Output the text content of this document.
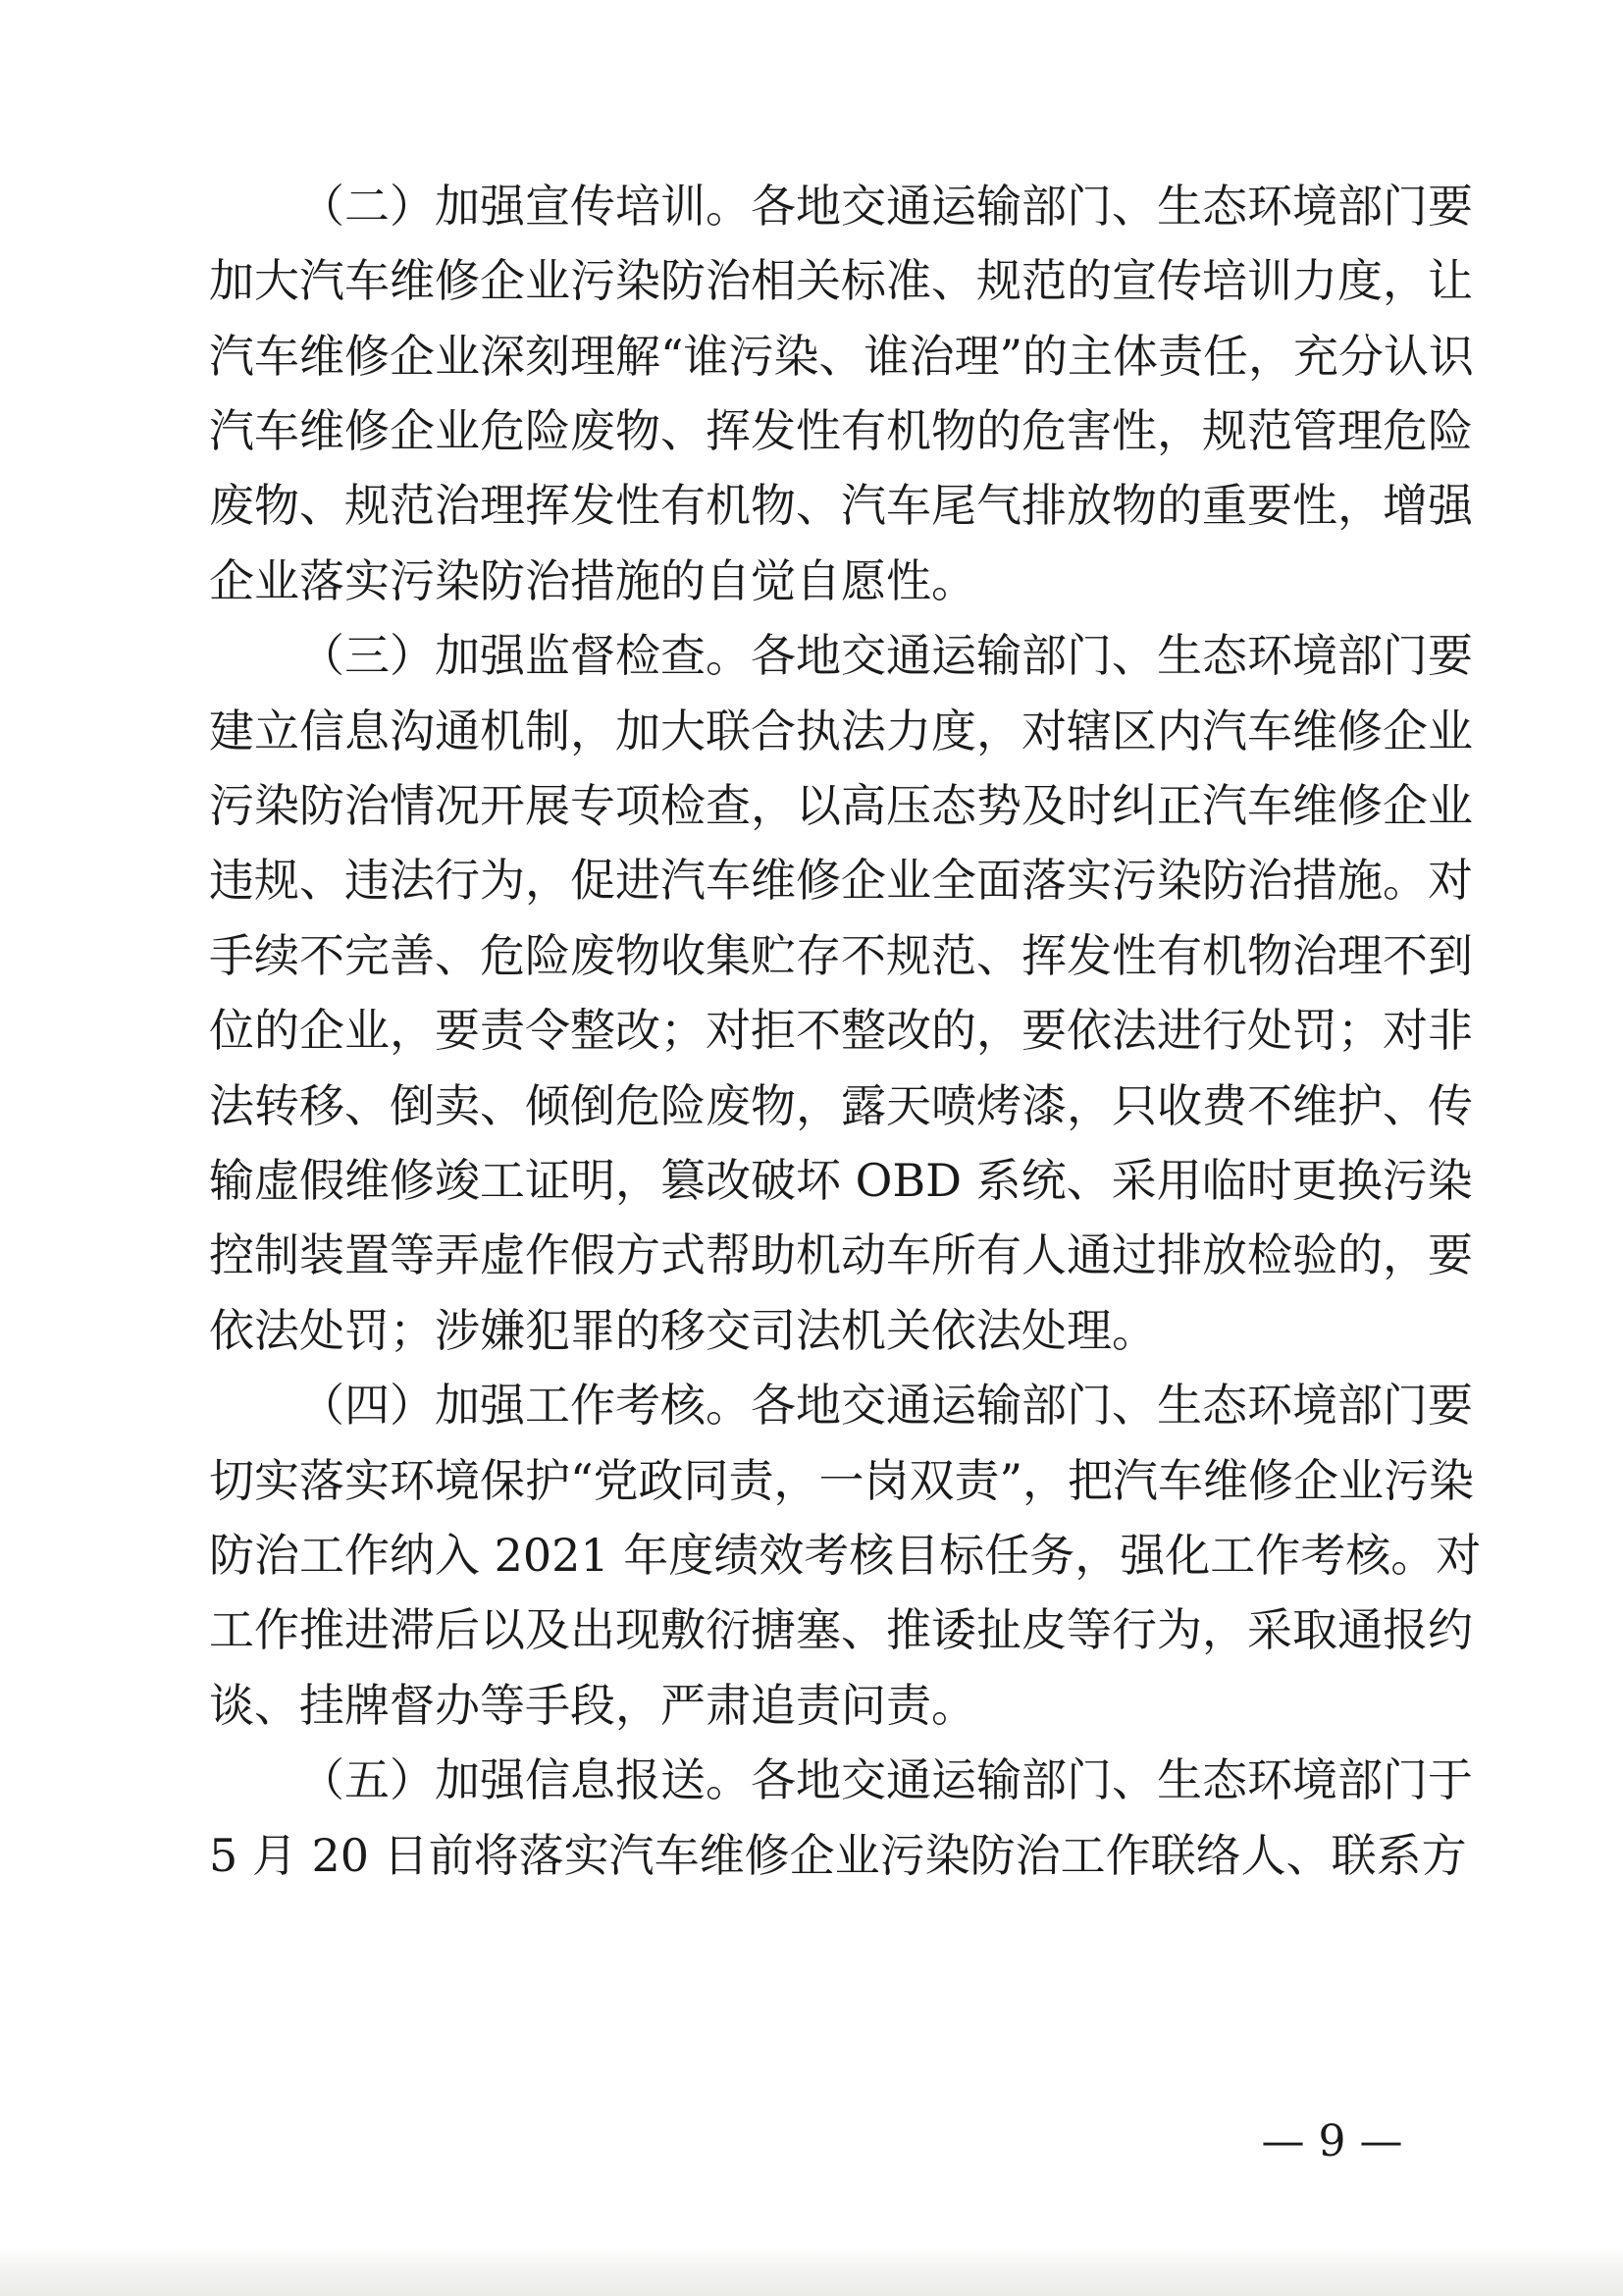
（二）加强宣传培训。各地交通运输部门、生态环境部门要
加大汽车维修企业污染防治相关标准、规范的宣传培训力度，让
汽车维修企业深刻理解“谁污染、谁治理”的主体责任，充分认识
汽车维修企业危险废物、挥发性有机物的危害性，规范管理危险
废物、规范治理挥发性有机物、汽车尾气排放物的重要性，增强
企业落实污染防治措施的自觉自愿性。
（三）加强监督检查。各地交通运输部门、生态环境部门要
建立信息沟通机制，加大联合执法力度，对辖区内汽车维修企业
污染防治情况开展专项检查，以高压态势及时纠正汽车维修企业
违规、违法行为，促进汽车维修企业全面落实污染防治措施。对
手续不完善、危险废物收集贮存不规范、挥发性有机物治理不到
位的企业，要责令整改；对拒不整改的，要依法进行处罚；对非
法转移、倒卖、倾倒危险废物，露天喷烤漆，只收费不维护、传
输虚假维修竣工证明，篡改破坏 OBD 系统、采用临时更换污染
控制装置等弄虚作假方式帮助机动车所有人通过排放检验的，要
依法处罚；涉嫌犯罪的移交司法机关依法处理。
（四）加强工作考核。各地交通运输部门、生态环境部门要
切实落实环境保护“党政同责，一岗双责”，把汽车维修企业污染
防治工作纳入 2021 年度绩效考核目标任务，强化工作考核。对
工作推进滞后以及出现敷衍搪塞、推诿扯皮等行为，采取通报约
谈、挂牌督办等手段，严肃追责问责。
（五）加强信息报送。各地交通运输部门、生态环境部门于
5 月 20 日前将落实汽车维修企业污染防治工作联络人、联系方
— 9 —
